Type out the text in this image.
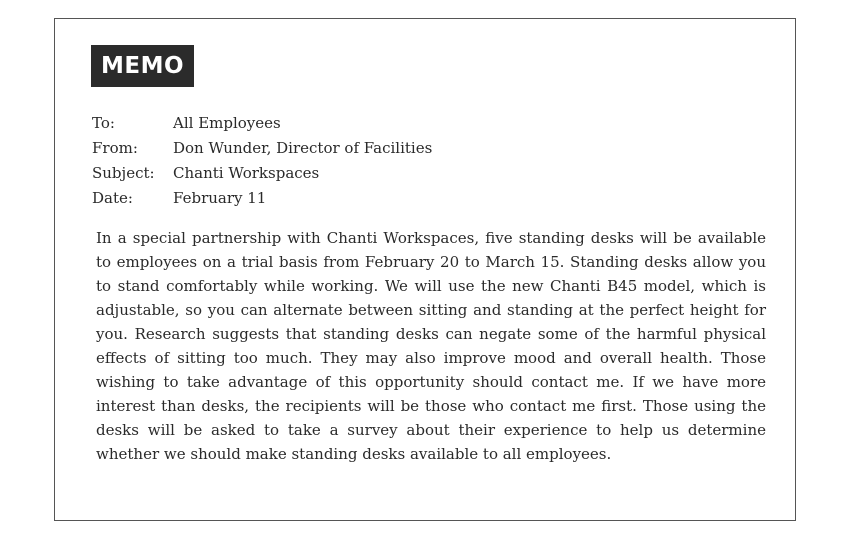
MEMO
To:	All Employees
From:	Don Wunder, Director of Facilities
Subject:	Chanti Workspaces
Date:	February 11

In a special partnership with Chanti Workspaces, five standing desks will be available to employees on a trial basis from February 20 to March 15. Standing desks allow you to stand comfortably while working. We will use the new Chanti B45 model, which is adjustable, so you can alternate between sitting and standing at the perfect height for you. Research suggests that standing desks can negate some of the harmful physical effects of sitting too much. They may also improve mood and overall health. Those wishing to take advantage of this opportunity should contact me. If we have more interest than desks, the recipients will be those who contact me first. Those using the desks will be asked to take a survey about their experience to help us determine whether we should make standing desks available to all employees.
